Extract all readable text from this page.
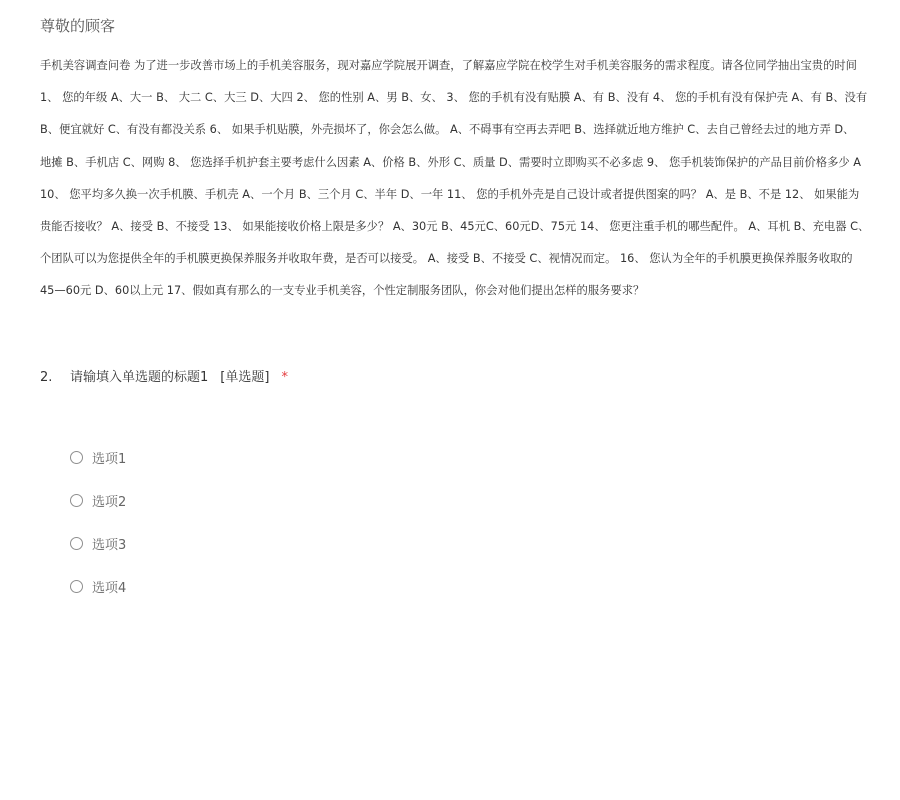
尊敬的顾客
手机美容调查问卷 为了进一步改善市场上的手机美容服务，现对嘉应学院展开调查，了解嘉应学院在校学生对手机美容服务的需求程度。请各位同学抽出宝贵的时间
1、 您的年级 A、大一 B、 大二 C、大三 D、大四 2、 您的性别 A、男 B、女、 3、 您的手机有没有贴膜 A、有 B、没有 4、 您的手机有没有保护壳 A、有 B、没有
B、便宜就好 C、有没有都没关系 6、 如果手机贴膜，外壳损坏了，你会怎么做。 A、不碍事有空再去弄吧 B、选择就近地方维护 C、去自己曾经去过的地方弄 D、
地摊 B、手机店 C、网购 8、 您选择手机护套主要考虑什么因素 A、价格 B、外形 C、质量 D、需要时立即购买不必多虑 9、 您手机装饰保护的产品目前价格多少 A
10、 您平均多久换一次手机膜、手机壳 A、一个月 B、三个月 C、半年 D、一年 11、 您的手机外壳是自己设计或者提供图案的吗？ A、是 B、不是 12、 如果能为
贵能否接收？ A、接受 B、不接受 13、 如果能接收价格上限是多少？ A、30元 B、45元C、60元D、75元 14、 您更注重手机的哪些配件。 A、耳机 B、充电器 C、
个团队可以为您提供全年的手机膜更换保养服务并收取年费，是否可以接受。 A、接受 B、不接受 C、视情况而定。 16、 您认为全年的手机膜更换保养服务收取的
45—60元 D、60以上元 17、假如真有那么的一支专业手机美容，个性定制服务团队，你会对他们提出怎样的服务要求？
2. 请输填入单选题的标题1 [单选题] *
选项1
选项2
选项3
选项4
